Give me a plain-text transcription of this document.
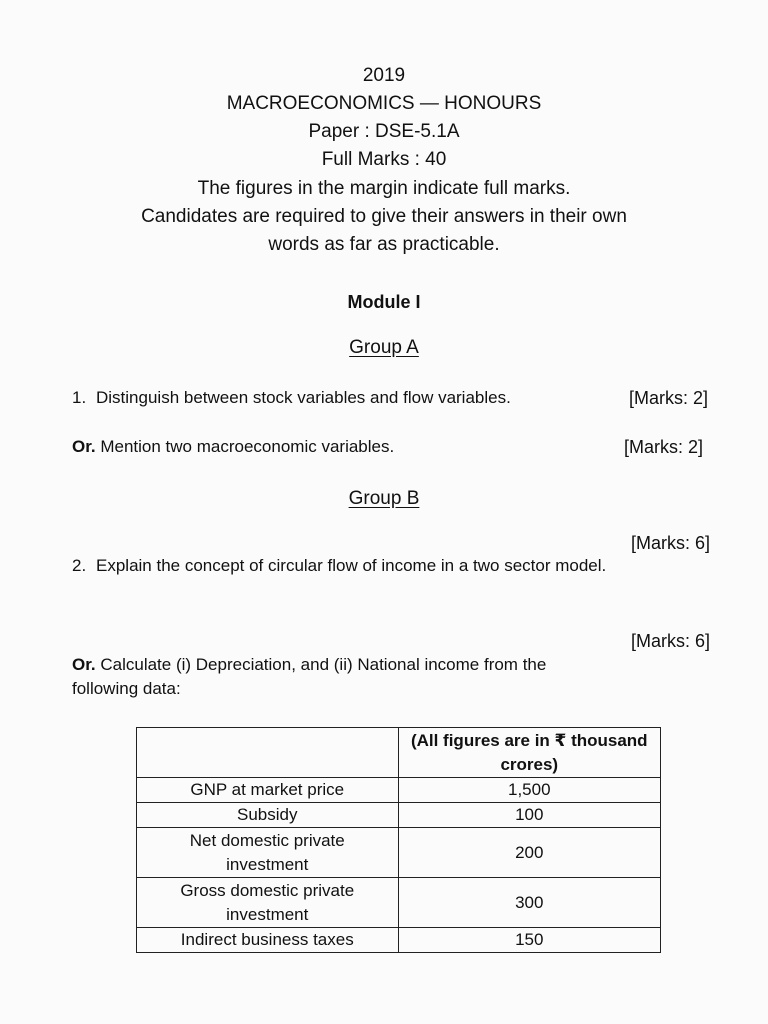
2019
MACROECONOMICS — HONOURS
Paper : DSE-5.1A
Full Marks : 40
The figures in the margin indicate full marks.
Candidates are required to give their answers in their own
words as far as practicable.
Module I
Group A
1. Distinguish between stock variables and flow variables.	[Marks: 2]
Or. Mention two macroeconomic variables.	[Marks: 2]
Group B
[Marks: 6]
2. Explain the concept of circular flow of income in a two sector model.
[Marks: 6]
Or. Calculate (i) Depreciation, and (ii) National income from the
following data:

	(All figures are in ₹ thousand
crores)

GNP at market price	1,500
Subsidy	100

Net domestic private
investment	200

Gross domestic private
investment	300
Indirect business taxes	150
